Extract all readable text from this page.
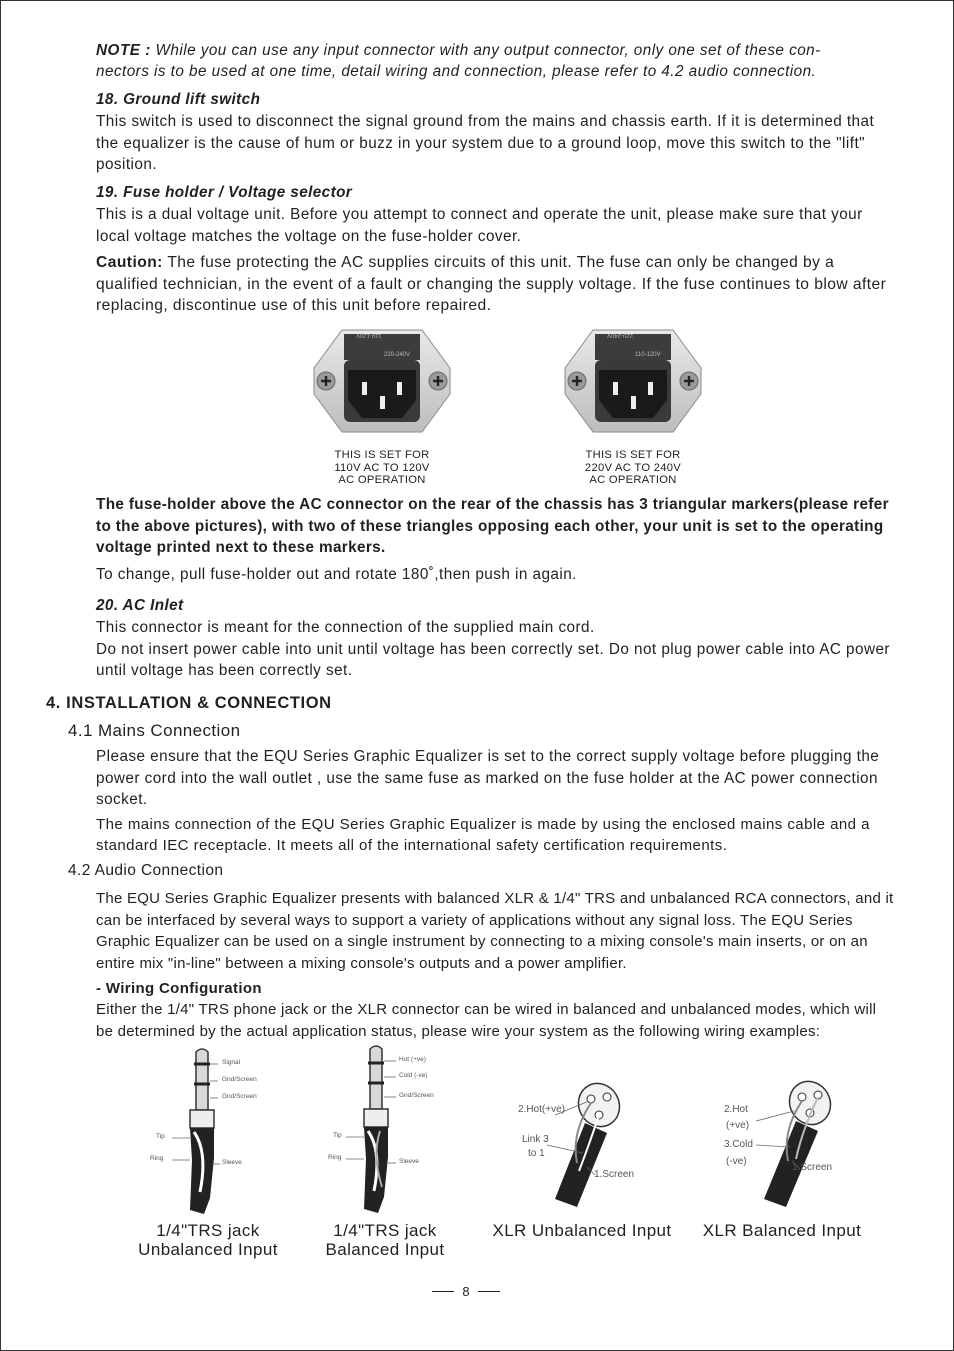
NOTE : While you can use any input connector with any output connector, only one set of these con-

nectors is to be used at one time, detail wiring and connection, please refer to 4.2 audio connection.

18. Ground lift switch

This switch is used to disconnect the signal ground from the mains and chassis earth. If it is determined that the equalizer is the cause of hum or buzz in your system due to a ground loop, move this switch to the "lift" position.

19. Fuse holder / Voltage selector

This is a dual voltage unit. Before you attempt to connect and operate the unit, please make sure that your local voltage matches the voltage on the fuse-holder cover.

Caution: The fuse protecting the AC supplies circuits of this unit. The fuse can only be changed by a qualified technician, in the event of a fault or changing the supply voltage. If the fuse continues to blow after replacing, discontinue use of this unit before repaired.

110-120V
220-240V

THIS IS SET FOR

110V AC TO 120V

AC OPERATION

220-240V
110-120V

THIS IS SET FOR

220V AC TO 240V

AC OPERATION

The fuse-holder above the AC connector on the rear of the chassis has 3 triangular markers(please refer to the above pictures), with two of these triangles opposing each other, your unit is set to the operating voltage printed next to these markers.

To change, pull fuse-holder out and rotate 180˚,then push in again.

20. AC Inlet

This connector is meant for the connection of the supplied main cord.

Do not insert power cable into unit until voltage has been correctly set. Do not plug power cable into AC power until voltage has been correctly set.

4. INSTALLATION & CONNECTION

4.1 Mains Connection

Please ensure that the EQU Series Graphic Equalizer is set to the correct supply voltage before plugging the power cord into the wall outlet , use the same fuse as marked on the fuse holder at the AC power connection socket.

The mains connection of the EQU Series Graphic Equalizer is made by using the enclosed mains cable and a standard IEC receptacle. It meets all of the international safety certification requirements.

4.2 Audio Connection

The EQU Series Graphic Equalizer presents with balanced XLR & 1/4" TRS and unbalanced RCA connectors, and it can be interfaced by several ways to support a variety of applications without any signal loss. The EQU Series Graphic Equalizer can be used on a single instrument by connecting to a mixing console's main inserts, or on an entire mix "in-line" between a mixing console's outputs and a power amplifier.

- Wiring Configuration

Either the 1/4" TRS phone jack or the XLR connector can be wired in balanced and unbalanced modes, which will be determined by the actual application status, please wire your system as the following wiring examples:

Signal
Gnd/Screen
Gnd/Screen
Tip
Ring
Sleeve
Hot (+ve)
Cold (-ve)
Gnd/Screen
Tip
Ring
Sleeve
2.Hot(+ve)
Link 3
to 1
1.Screen
2.Hot
(+ve)
3.Cold
(-ve)
1.Screen

1/4"TRS jack

Unbalanced Input

1/4"TRS jack

Balanced Input

XLR Unbalanced Input	XLR Balanced Input

8
